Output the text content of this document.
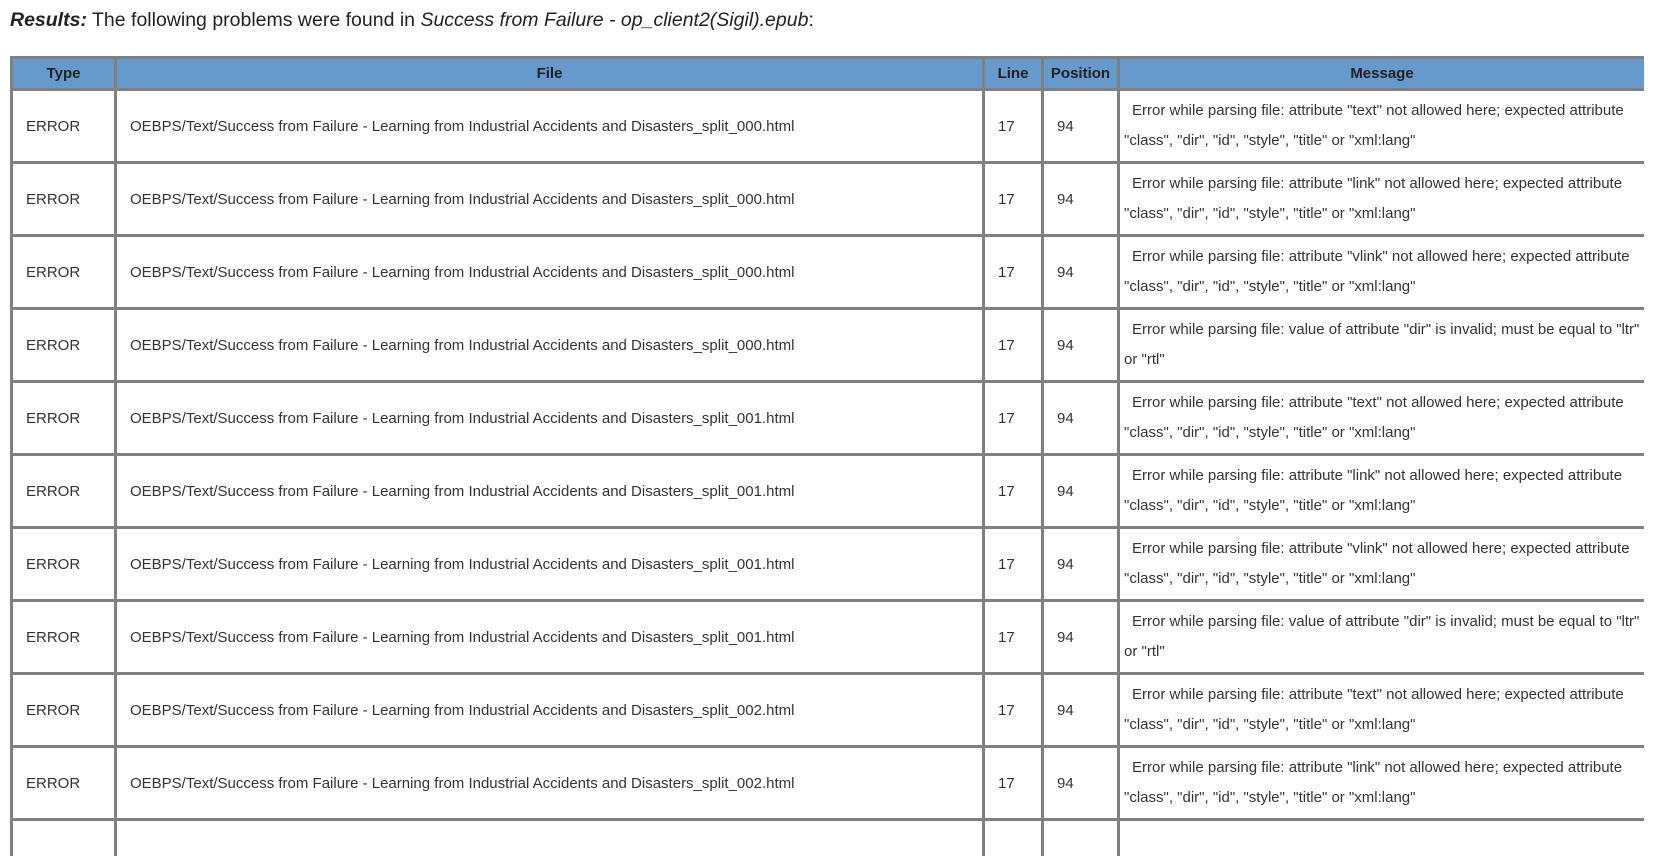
Results: The following problems were found in Success from Failure - op_client2(Sigil).epub:
Type	File	Line	Position	Message
ERROR	OEBPS/Text/Success from Failure - Learning from Industrial Accidents and Disasters_split_000.html	17	94	Error while parsing file: attribute "text" not allowed here; expected attribute "class", "dir", "id", "style", "title" or "xml:lang"

ERROR	OEBPS/Text/Success from Failure - Learning from Industrial Accidents and Disasters_split_000.html	17	94	Error while parsing file: attribute "link" not allowed here; expected attribute "class", "dir", "id", "style", "title" or "xml:lang"

ERROR	OEBPS/Text/Success from Failure - Learning from Industrial Accidents and Disasters_split_000.html	17	94	Error while parsing file: attribute "vlink" not allowed here; expected attribute "class", "dir", "id", "style", "title" or "xml:lang"

ERROR	OEBPS/Text/Success from Failure - Learning from Industrial Accidents and Disasters_split_000.html	17	94	Error while parsing file: value of attribute "dir" is invalid; must be equal to "ltr" or "rtl"

ERROR	OEBPS/Text/Success from Failure - Learning from Industrial Accidents and Disasters_split_001.html	17	94	Error while parsing file: attribute "text" not allowed here; expected attribute "class", "dir", "id", "style", "title" or "xml:lang"

ERROR	OEBPS/Text/Success from Failure - Learning from Industrial Accidents and Disasters_split_001.html	17	94	Error while parsing file: attribute "link" not allowed here; expected attribute "class", "dir", "id", "style", "title" or "xml:lang"

ERROR	OEBPS/Text/Success from Failure - Learning from Industrial Accidents and Disasters_split_001.html	17	94	Error while parsing file: attribute "vlink" not allowed here; expected attribute "class", "dir", "id", "style", "title" or "xml:lang"

ERROR	OEBPS/Text/Success from Failure - Learning from Industrial Accidents and Disasters_split_001.html	17	94	Error while parsing file: value of attribute "dir" is invalid; must be equal to "ltr" or "rtl"

ERROR	OEBPS/Text/Success from Failure - Learning from Industrial Accidents and Disasters_split_002.html	17	94	Error while parsing file: attribute "text" not allowed here; expected attribute "class", "dir", "id", "style", "title" or "xml:lang"

ERROR	OEBPS/Text/Success from Failure - Learning from Industrial Accidents and Disasters_split_002.html	17	94	Error while parsing file: attribute "link" not allowed here; expected attribute "class", "dir", "id", "style", "title" or "xml:lang"
